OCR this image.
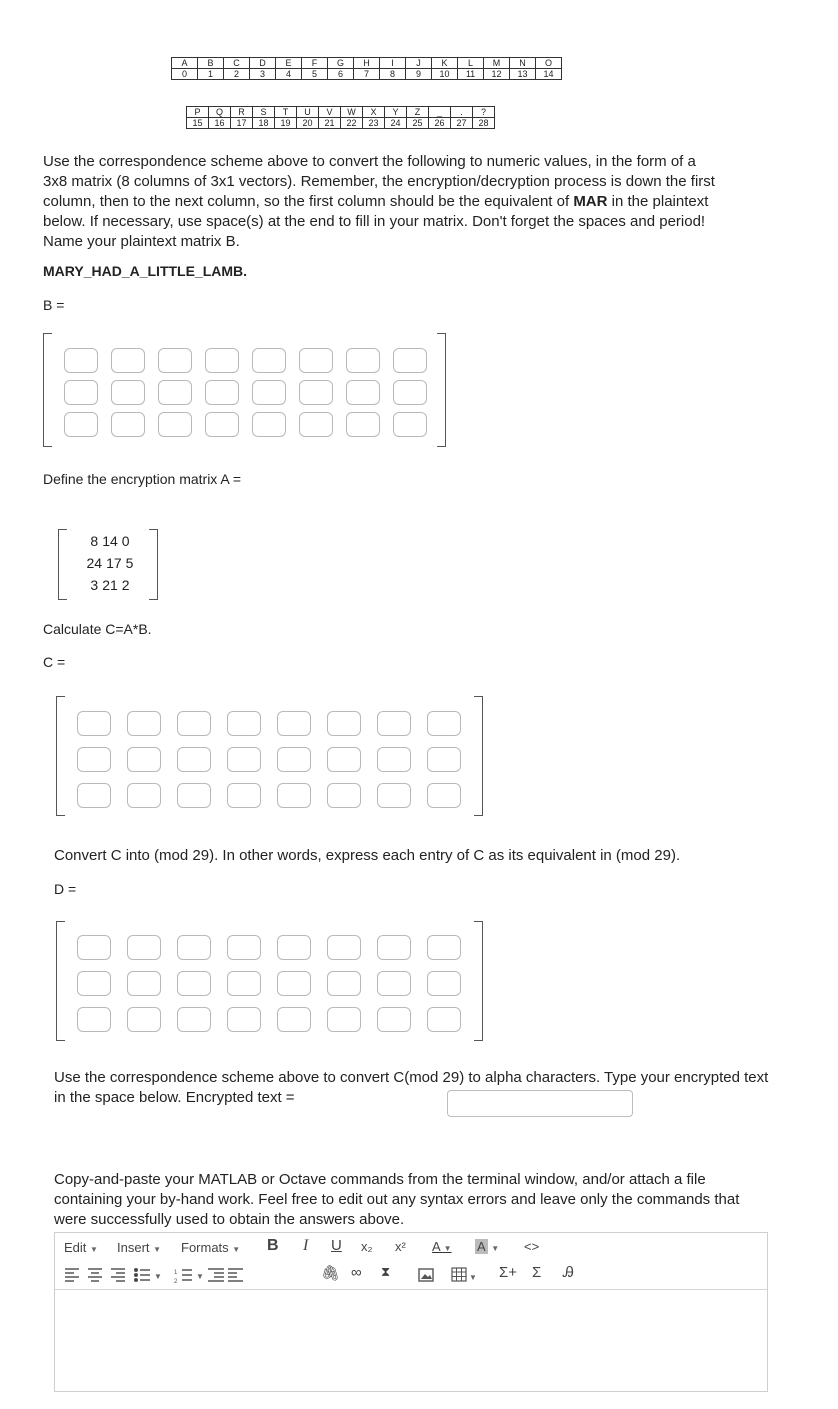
A	B	C	D	E	F	G	H	I	J	K	L	M	N	O
0	1	2	3	4	5	6	7	8	9	10	11	12	13	14
P	Q	R	S	T	U	V	W	X	Y	Z	_	.	?
15	16	17	18	19	20	21	22	23	24	25	26	27	28
Use the correspondence scheme above to convert the following to numeric values, in the form of a 3x8 matrix (8 columns of 3x1 vectors). Remember, the encryption/decryption process is down the first column, then to the next column, so the first column should be the equivalent of MAR in the plaintext below. If necessary, use space(s) at the end to fill in your matrix. Don't forget the spaces and period! Name your plaintext matrix B.
MARY_HAD_A_LITTLE_LAMB.
B =
Define the encryption matrix A =
8 14 0
24 17 5
3 21 2
Calculate C=A*B.
C =
Convert C into (mod 29). In other words, express each entry of C as its equivalent in (mod 29).
D =
Use the correspondence scheme above to convert C(mod 29) to alpha characters. Type your encrypted text in the space below. Encrypted text =
Copy-and-paste your MATLAB or Octave commands from the terminal window, and/or attach a file containing your by-hand work. Feel free to edit out any syntax errors and leave only the commands that were successfully used to obtain the answers above.
Edit ▼ Insert ▼ Formats ▼ B I U x₂ x² A ▼ A ▼ <>
▼ 1
2
▼	🖇 ∞ ⧗	▼ Σ+ Σ Ꭿ
